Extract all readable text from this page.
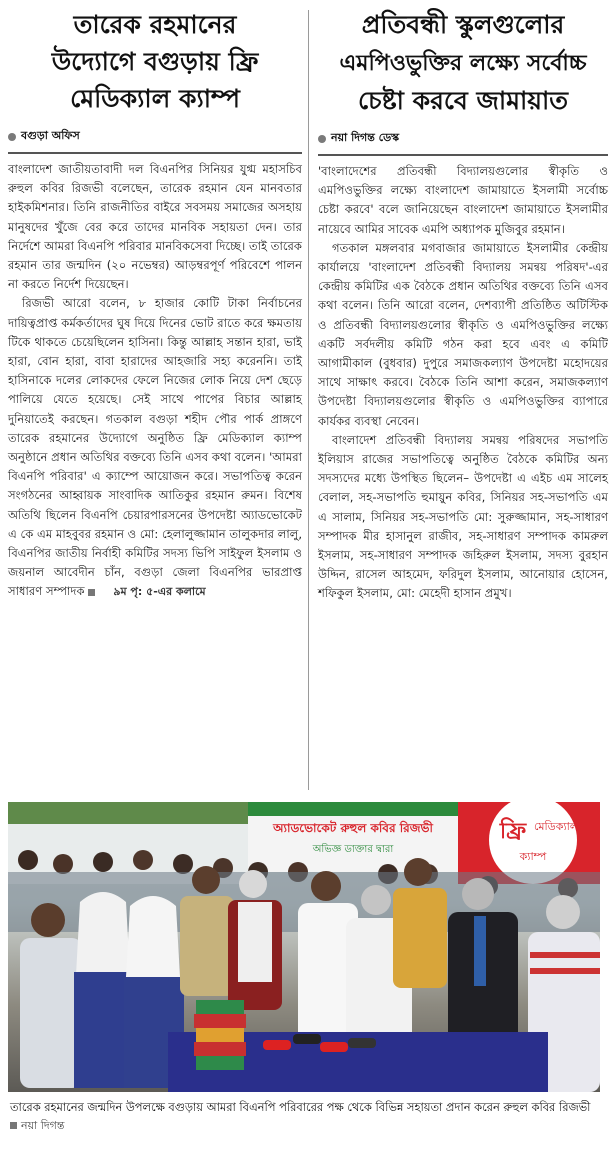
তারেক রহমানের
উদ্যোগে বগুড়ায় ফ্রি
মেডিক্যাল ক্যাম্প
বগুড়া অফিস

বাংলাদেশ জাতীয়তাবাদী দল বিএনপির সিনিয়র যুগ্ম মহাসচিব রুহুল কবির রিজভী বলেছেন, তারেক রহমান যেন মানবতার হাইকমিশনার। তিনি রাজনীতির বাইরে সবসময় সমাজের অসহায় মানুষদের খুঁজে বের করে তাদের মানবিক সহায়তা দেন। তার নির্দেশে আমরা বিএনপি পরিবার মানবিকসেবা দিচ্ছে। তাই তারেক রহমান তার জন্মদিন (২০ নভেম্বর) আড়ম্বরপূর্ণ পরিবেশে পালন না করতে নির্দেশ দিয়েছেন।

রিজভী আরো বলেন, ৮ হাজার কোটি টাকা নির্বাচনের দায়িত্বপ্রাপ্ত কর্মকর্তাদের ঘুষ দিয়ে দিনের ভোট রাতে করে ক্ষমতায় টিকে থাকতে চেয়েছিলেন হাসিনা। কিন্তু আল্লাহ সন্তান হারা, ভাই হারা, বোন হারা, বাবা হারাদের আহজারি সহ্য করেননি। তাই হাসিনাকে দলের লোকদের ফেলে নিজের লোক নিয়ে দেশ ছেড়ে পালিয়ে যেতে হয়েছে। সেই সাথে পাপের বিচার আল্লাহ দুনিয়াতেই করছেন। গতকাল বগুড়া শহীদ পৌর পার্ক প্রাঙ্গণে তারেক রহমানের উদ্যোগে অনুষ্ঠিত ফ্রি মেডিক্যাল ক্যাম্প অনুষ্ঠানে প্রধান অতিথির বক্তব্যে তিনি এসব কথা বলেন। 'আমরা বিএনপি পরিবার' এ ক্যাম্পে আয়োজন করে। সভাপতিত্ব করেন সংগঠনের আহ্বায়ক সাংবাদিক আতিকুর রহমান রুমন। বিশেষ অতিথি ছিলেন বিএনপি চেয়ারপারসনের উপদেষ্টা অ্যাডভোকেট এ কে এম মাহবুবর রহমান ও মো: হেলালুজ্জামান তালুকদার লালু, বিএনপির জাতীয় নির্বাহী কমিটির সদস্য ভিপি সাইফুল ইসলাম ও জয়নাল আবেদীন চাঁন, বগুড়া জেলা বিএনপির ভারপ্রাপ্ত সাধারণ সম্পাদক	৯ম পৃ: ৫-এর কলামে

প্রতিবন্ধী স্কুলগুলোর
এমপিওভুক্তির লক্ষ্যে সর্বোচ্চ
চেষ্টা করবে জামায়াত
নয়া দিগন্ত ডেস্ক

'বাংলাদেশের প্রতিবন্ধী বিদ্যালয়গুলোর স্বীকৃতি ও এমপিওভুক্তির লক্ষ্যে বাংলাদেশ জামায়াতে ইসলামী সর্বোচ্চ চেষ্টা করবে' বলে জানিয়েছেন বাংলাদেশ জামায়াতে ইসলামীর নায়েবে আমির সাবেক এমপি অধ্যাপক মুজিবুর রহমান।

গতকাল মঙ্গলবার মগবাজার জামায়াতে ইসলামীর কেন্দ্রীয় কার্যালয়ে 'বাংলাদেশ প্রতিবন্ধী বিদ্যালয় সমন্বয় পরিষদ'-এর কেন্দ্রীয় কমিটির এক বৈঠকে প্রধান অতিথির বক্তব্যে তিনি এসব কথা বলেন। তিনি আরো বলেন, দেশব্যাপী প্রতিষ্ঠিত অটিস্টিক ও প্রতিবন্ধী বিদ্যালয়গুলোর স্বীকৃতি ও এমপিওভুক্তির লক্ষ্যে একটি সর্বদলীয় কমিটি গঠন করা হবে এবং এ কমিটি আগামীকাল (বুধবার) দুপুরে সমাজকল্যাণ উপদেষ্টা মহোদয়ের সাথে সাক্ষাৎ করবে। বৈঠকে তিনি আশা করেন, সমাজকল্যাণ উপদেষ্টা বিদ্যালয়গুলোর স্বীকৃতি ও এমপিওভুক্তির ব্যাপারে কার্যকর ব্যবস্থা নেবেন।

বাংলাদেশ প্রতিবন্ধী বিদ্যালয় সমন্বয় পরিষদের সভাপতি ইলিয়াস রাজের সভাপতিত্বে অনুষ্ঠিত বৈঠকে কমিটির অন্য সদস্যদের মধ্যে উপস্থিত ছিলেন– উপদেষ্টা এ এইচ এম সালেহ বেলাল, সহ-সভাপতি হুমায়ুন কবির, সিনিয়র সহ-সভাপতি এম এ সালাম, সিনিয়র সহ-সভাপতি মো: সুরুজ্জামান, সহ-সাধারণ সম্পাদক মীর হাসানুল রাজীব, সহ-সাধারণ সম্পাদক কামরুল ইসলাম, সহ-সাধারণ সম্পাদক জহিরুল ইসলাম, সদস্য বুরহান উদ্দিন, রাসেল আহমেদ, ফরিদুল ইসলাম, আনোয়ার হোসেন, শফিকুল ইসলাম, মো: মেহেদী হাসান প্রমুখ।

অ্যাডভোকেট রুহুল কবির রিজভী
অভিজ্ঞ ডাক্তার দ্বারা
ফ্রি মেডিক্যাল
ক্যাম্প

তারেক রহমানের জন্মদিন উপলক্ষে বগুড়ায় আমরা বিএনপি পরিবারের পক্ষ থেকে বিভিন্ন সহায়তা প্রদান করেন রুহুল কবির রিজভী
নয়া দিগন্ত
